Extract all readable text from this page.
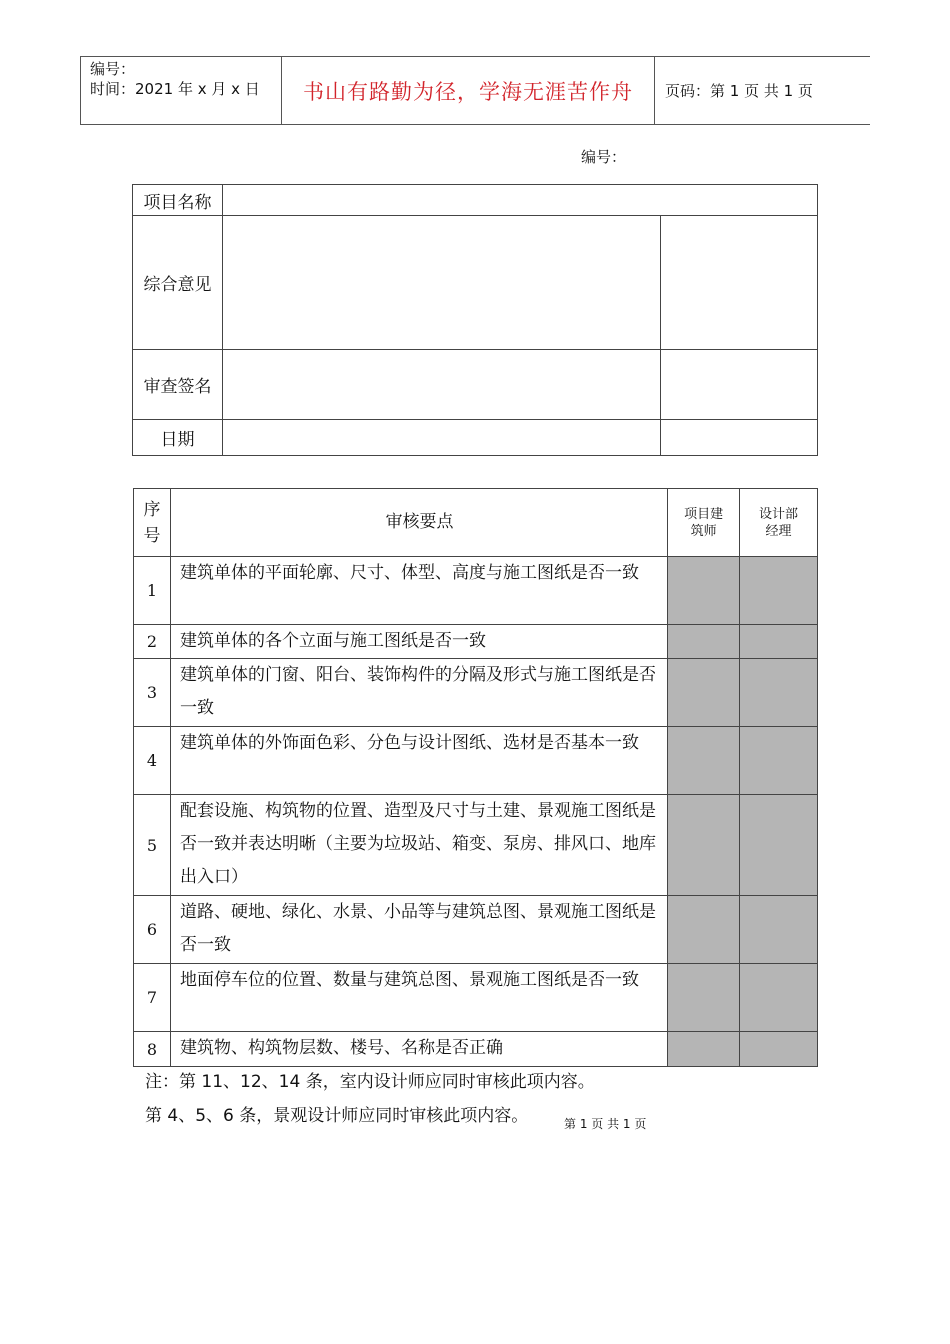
编号：
时间：2021 年 x 月 x 日	书山有路勤为径，学海无涯苦作舟	页码：第 1 页 共 1 页
编号：
项目名称		
综合意见		
审查签名		
日期		
序号	审核要点	项目建筑师	设计部经理
1	建筑单体的平面轮廓、尺寸、体型、高度与施工图纸是否一致		
2	建筑单体的各个立面与施工图纸是否一致		
3	建筑单体的门窗、阳台、装饰构件的分隔及形式与施工图纸是否一致		
4	建筑单体的外饰面色彩、分色与设计图纸、选材是否基本一致		
5	配套设施、构筑物的位置、造型及尺寸与土建、景观施工图纸是否一致并表达明晰（主要为垃圾站、箱变、泵房、排风口、地库出入口）		
6	道路、硬地、绿化、水景、小品等与建筑总图、景观施工图纸是否一致		
7	地面停车位的位置、数量与建筑总图、景观施工图纸是否一致		
8	建筑物、构筑物层数、楼号、名称是否正确		
注：第 11、12、14 条，室内设计师应同时审核此项内容。
第 4、5、6 条，景观设计师应同时审核此项内容。	第 1 页 共 1 页
